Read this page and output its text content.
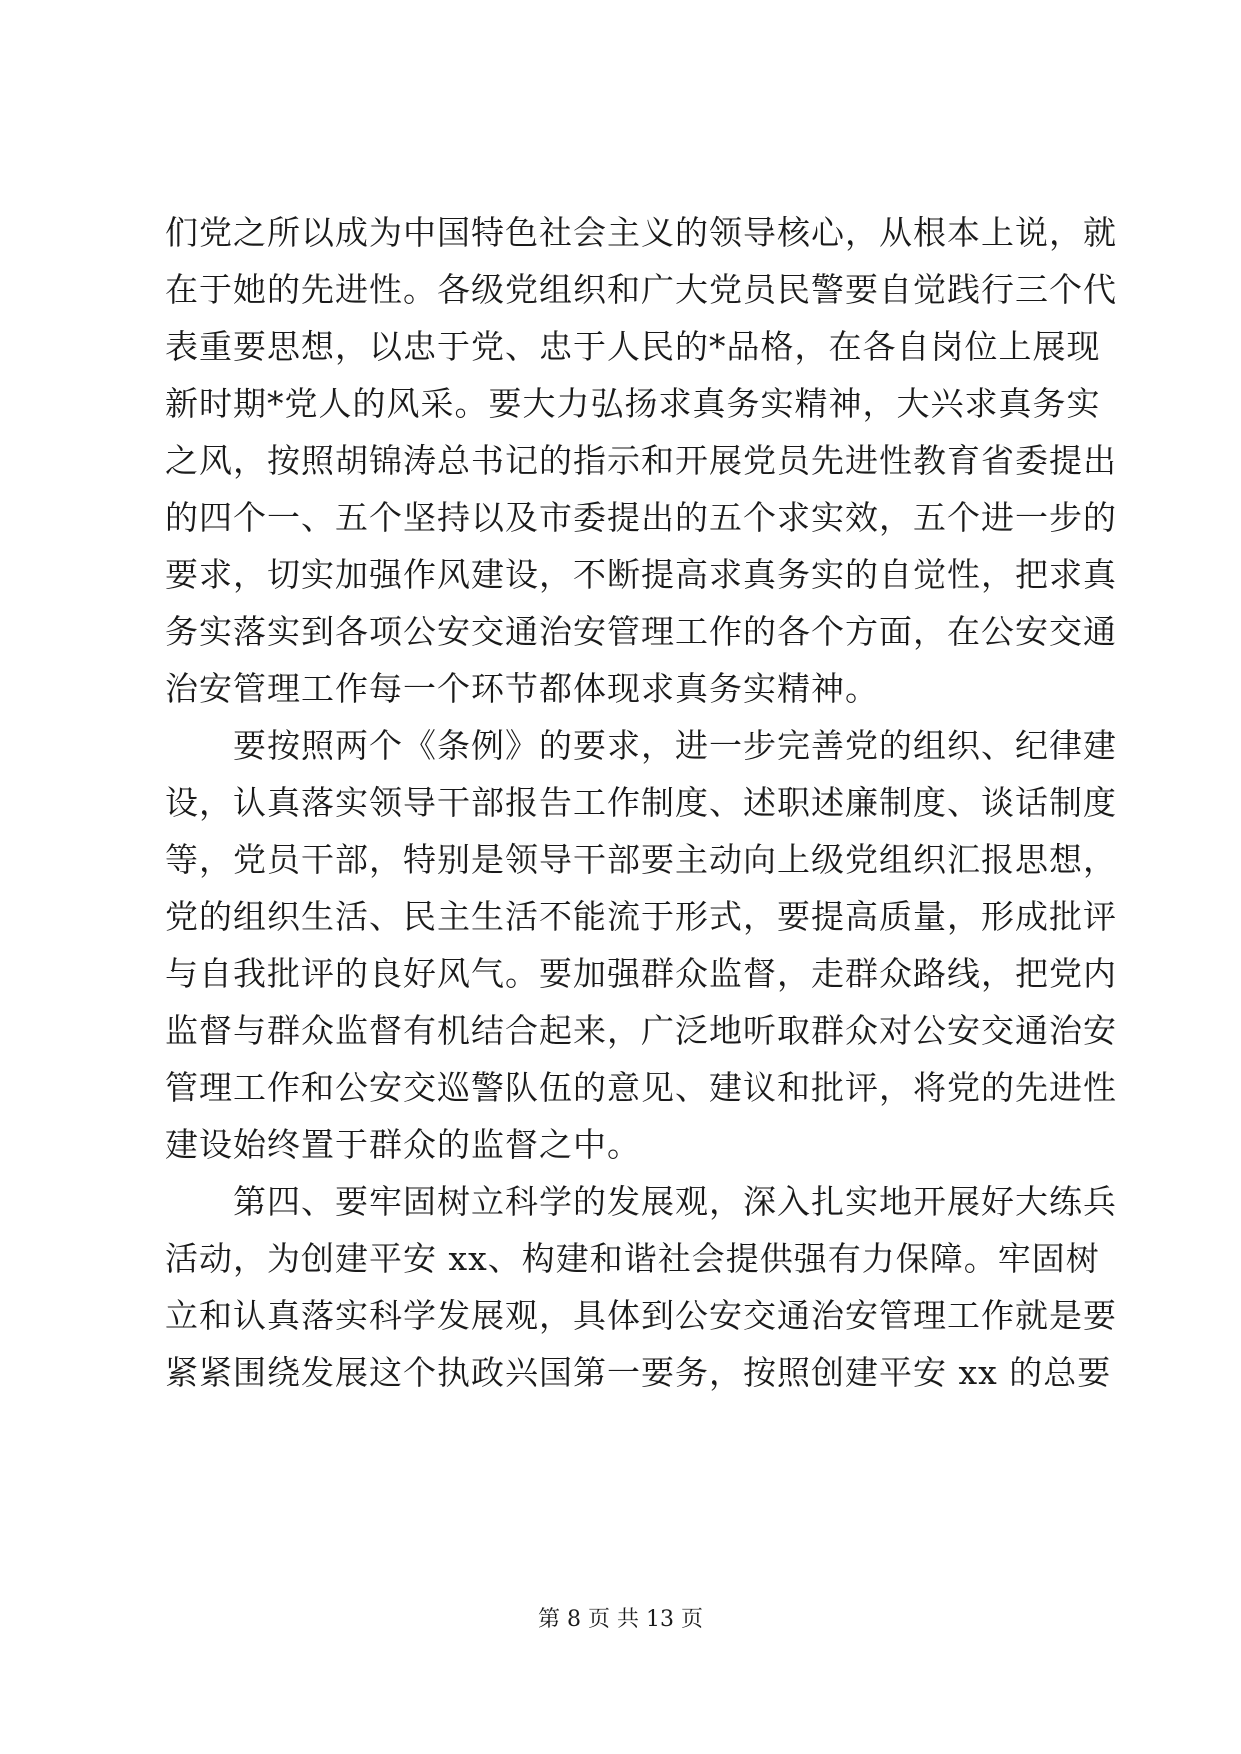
们党之所以成为中国特色社会主义的领导核心，从根本上说，就
在于她的先进性。各级党组织和广大党员民警要自觉践行三个代
表重要思想，以忠于党、忠于人民的*品格，在各自岗位上展现
新时期*党人的风采。要大力弘扬求真务实精神，大兴求真务实
之风，按照胡锦涛总书记的指示和开展党员先进性教育省委提出
的四个一、五个坚持以及市委提出的五个求实效，五个进一步的
要求，切实加强作风建设，不断提高求真务实的自觉性，把求真
务实落实到各项公安交通治安管理工作的各个方面，在公安交通
治安管理工作每一个环节都体现求真务实精神。
　　要按照两个《条例》的要求，进一步完善党的组织、纪律建
设，认真落实领导干部报告工作制度、述职述廉制度、谈话制度
等，党员干部，特别是领导干部要主动向上级党组织汇报思想，
党的组织生活、民主生活不能流于形式，要提高质量，形成批评
与自我批评的良好风气。要加强群众监督，走群众路线，把党内
监督与群众监督有机结合起来，广泛地听取群众对公安交通治安
管理工作和公安交巡警队伍的意见、建议和批评，将党的先进性
建设始终置于群众的监督之中。
　　第四、要牢固树立科学的发展观，深入扎实地开展好大练兵
活动，为创建平安 xx、构建和谐社会提供强有力保障。牢固树
立和认真落实科学发展观，具体到公安交通治安管理工作就是要
紧紧围绕发展这个执政兴国第一要务，按照创建平安 xx 的总要
第 8 页 共 13 页
